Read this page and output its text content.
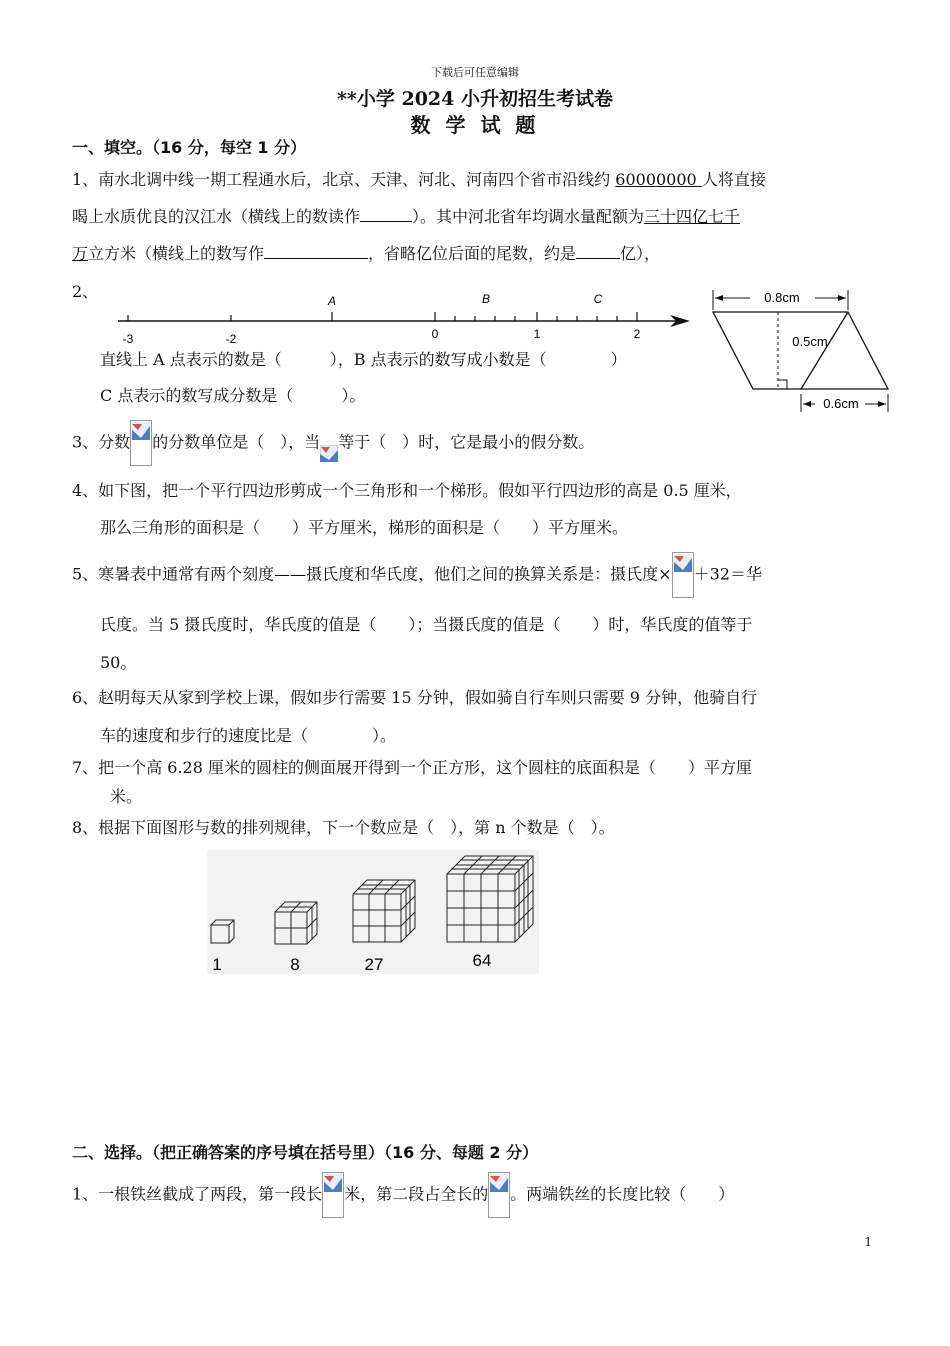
下载后可任意编辑
**小学 2024 小升初招生考试卷
数 学 试 题
一、填空。（16 分，每空 1 分）
1、南水北调中线一期工程通水后，北京、天津、河北、河南四个省市沿线约 60000000 人将直接
喝上水质优良的汉江水（横线上的数读作	）。其中河北省年均调水量配额为三十四亿七千
万立方米（横线上的数写作	，省略亿位后面的尾数，约是	亿），
2、
-3	-2	0	1	2
A	B	C
直线上 A 点表示的数是（　　　），B 点表示的数写成小数是（　　　　）
C 点表示的数写成分数是（　　　）。
0.8cm
0.5cm
0.6cm
3、分数 的分数单位是（　），当 等于（　）时，它是最小的假分数。
4、如下图，把一个平行四边形剪成一个三角形和一个梯形。假如平行四边形的高是 0.5 厘米，
那么三角形的面积是（　　）平方厘米，梯形的面积是（　　）平方厘米。
5、寒暑表中通常有两个刻度——摄氏度和华氏度，他们之间的换算关系是：摄氏度× ＋32＝华
氏度。当 5 摄氏度时，华氏度的值是（　　）；当摄氏度的值是（　　）时，华氏度的值等于
50。
6、赵明每天从家到学校上课，假如步行需要 15 分钟，假如骑自行车则只需要 9 分钟，他骑自行
车的速度和步行的速度比是（　　　　）。
7、把一个高 6.28 厘米的圆柱的侧面展开得到一个正方形，这个圆柱的底面积是（　　）平方厘
米。
8、根据下面图形与数的排列规律，下一个数应是（　），第 n 个数是（　）。
1	8	27	64
二、选择。（把正确答案的序号填在括号里）（16 分、每题 2 分）
1、一根铁丝截成了两段，第一段长 米，第二段占全长的 。两端铁丝的长度比较（　　）
1
